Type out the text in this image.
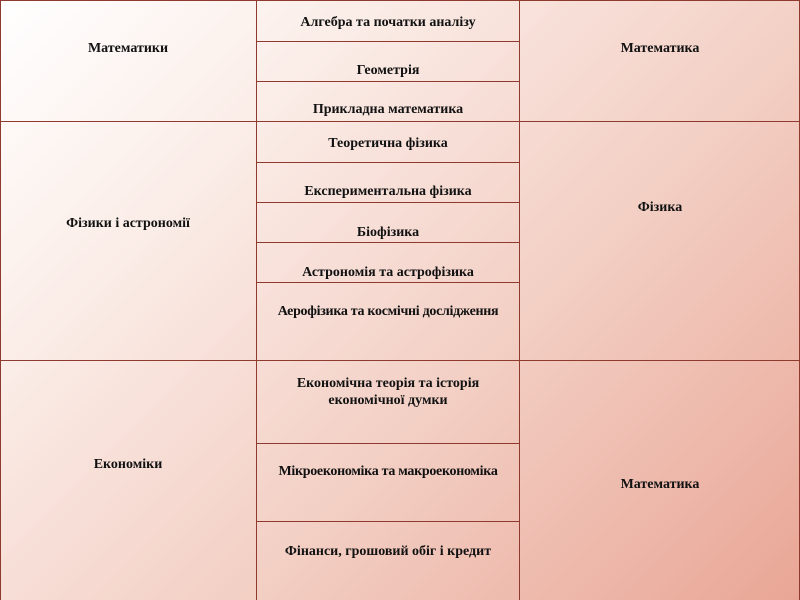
Математики
Алгебра та початки аналізу
Геометрія
Прикладна математика
Математика
Фізики і астрономії
Теоретична фізика
Експериментальна фізика
Біофізика
Астрономія та астрофізика
Аерофізика та космічні дослідження
Фізика
Економіки
Економічна теорія та історія економічної думки
Мікроекономіка та макроекономіка
Фінанси, грошовий обіг і кредит
Математика
